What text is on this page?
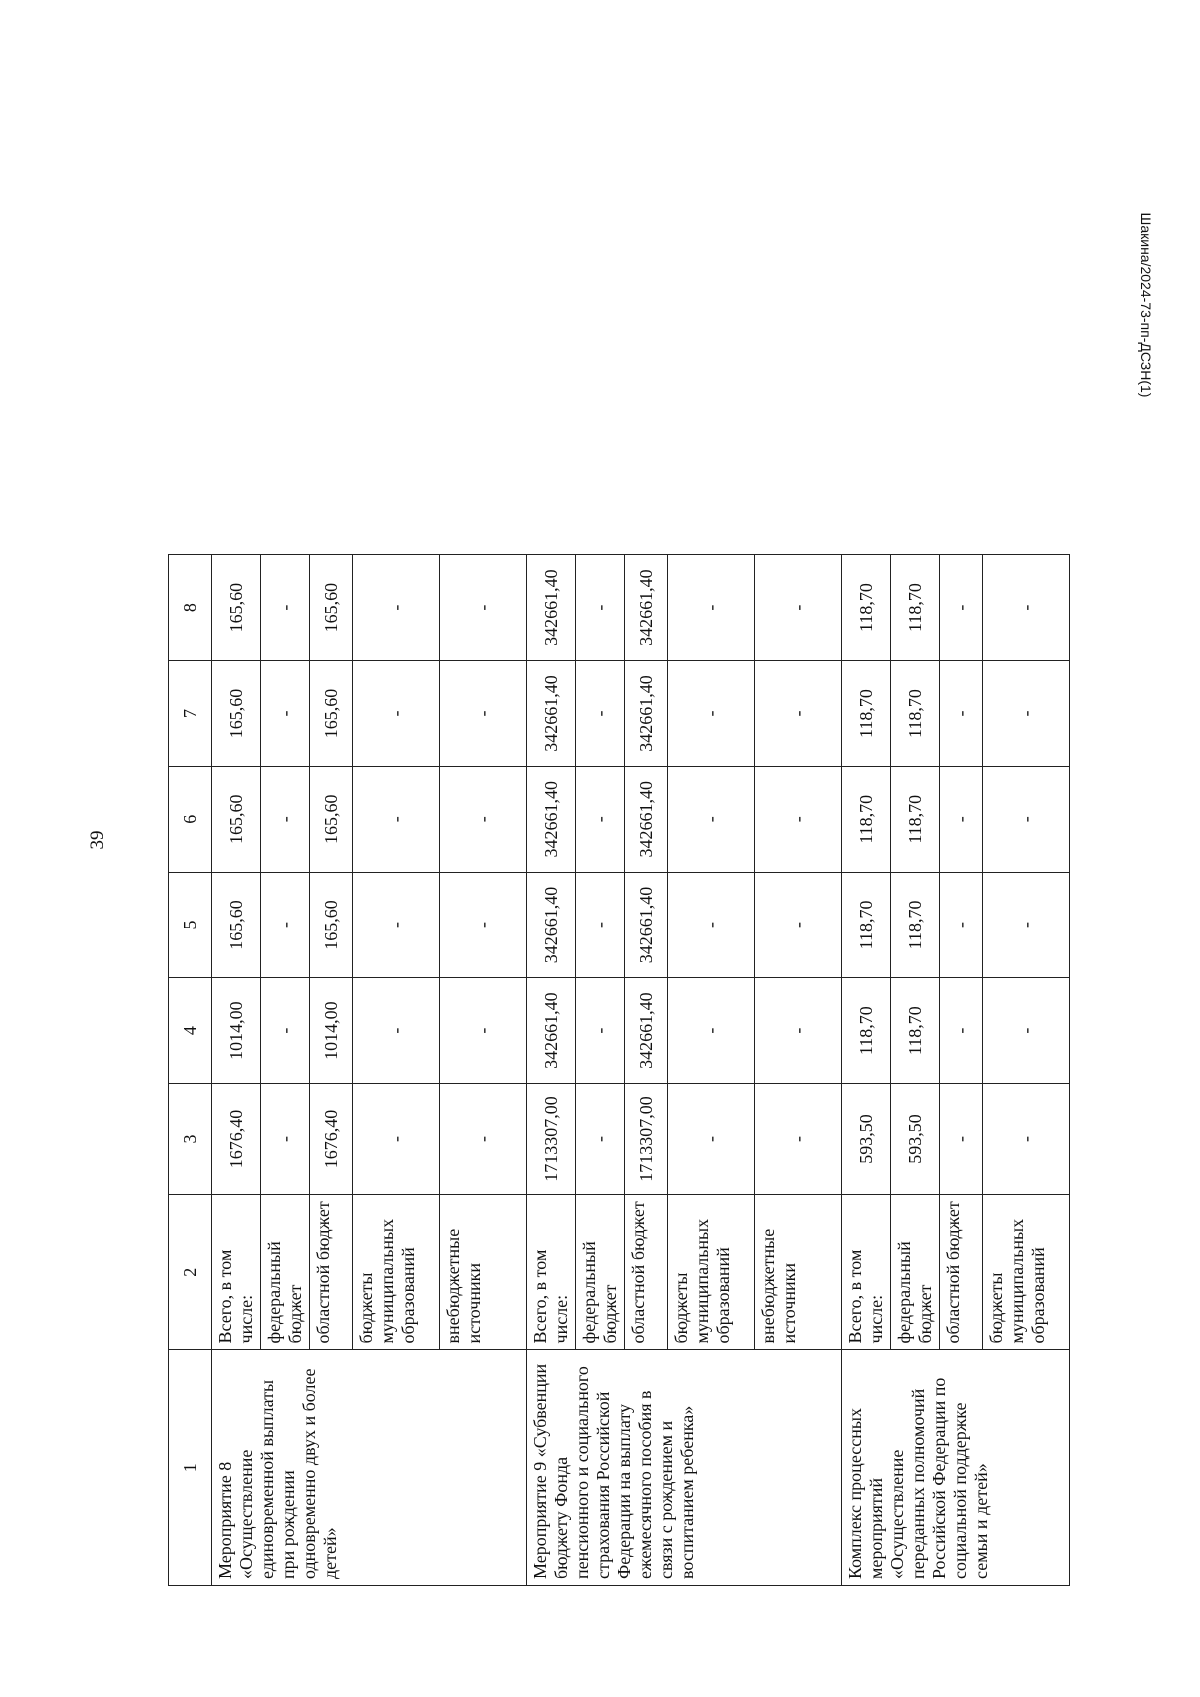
39
Шакина/2024-73-пп-ДСЗН(1)
1	2	3	4	5	6	7	8
Мероприятие 8 «Осуществление единовременной выплаты при рождении одновременно двух и более детей»	Всего, в том числе:	1676,40	1014,00	165,60	165,60	165,60	165,60
	федеральный бюджет	-	-	-	-	-	-
	областной бюджет	1676,40	1014,00	165,60	165,60	165,60	165,60
	бюджеты муниципальных образований	-	-	-	-	-	-
	внебюджетные источники	-	-	-	-	-	-
Мероприятие 9 «Субвенции бюджету Фонда пенсионного и социального страхования Российской Федерации на выплату ежемесячного пособия в связи с рождением и воспитанием ребенка»	Всего, в том числе:	1713307,00	342661,40	342661,40	342661,40	342661,40	342661,40
	федеральный бюджет	-	-	-	-	-	-
	областной бюджет	1713307,00	342661,40	342661,40	342661,40	342661,40	342661,40
	бюджеты муниципальных образований	-	-	-	-	-	-
	внебюджетные источники	-	-	-	-	-	-
Комплекс процессных мероприятий «Осуществление переданных полномочий Российской Федерации по социальной поддержке семьи и детей»	Всего, в том числе:	593,50	118,70	118,70	118,70	118,70	118,70
	федеральный бюджет	593,50	118,70	118,70	118,70	118,70	118,70
	областной бюджет	-	-	-	-	-	-
	бюджеты муниципальных образований	-	-	-	-	-	-
